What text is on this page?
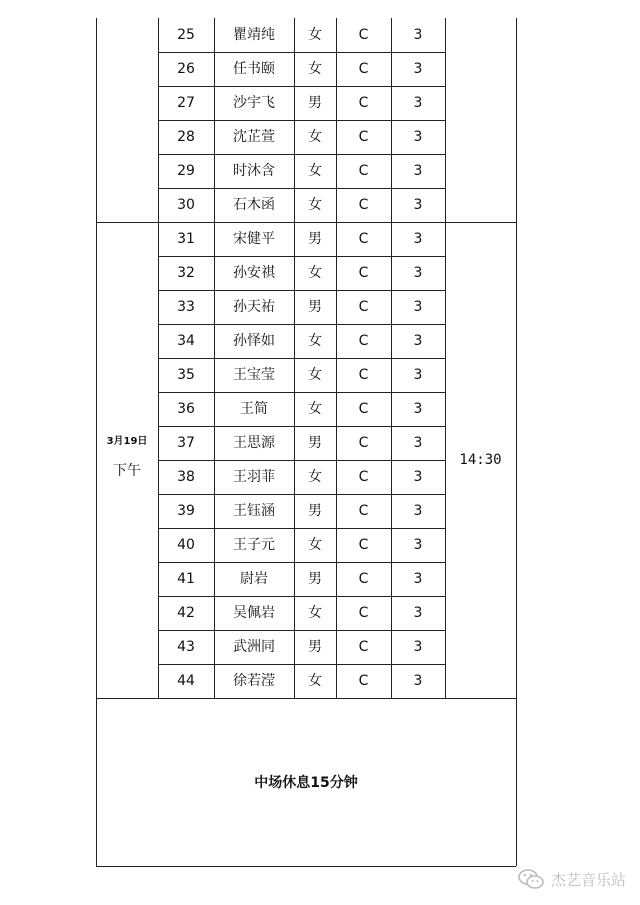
25	瞿靖纯	女	C	3
26	任书颐	女	C	3
27	沙宇飞	男	C	3
28	沈芷萱	女	C	3
29	时沐含	女	C	3
30	石木函	女	C	3
31	宋健平	男	C	3
32	孙安祺	女	C	3
33	孙天祐	男	C	3
34	孙怿如	女	C	3
35	王宝莹	女	C	3
36	王简	女	C	3
37	王思源	男	C	3
38	王羽菲	女	C	3
39	王钰涵	男	C	3
40	王子元	女	C	3
41	尉岩	男	C	3
42	吴佩岩	女	C	3
43	武洲同	男	C	3
44	徐若滢	女	C	3
3月19日
下午
14:30
中场休息15分钟
杰艺音乐站
